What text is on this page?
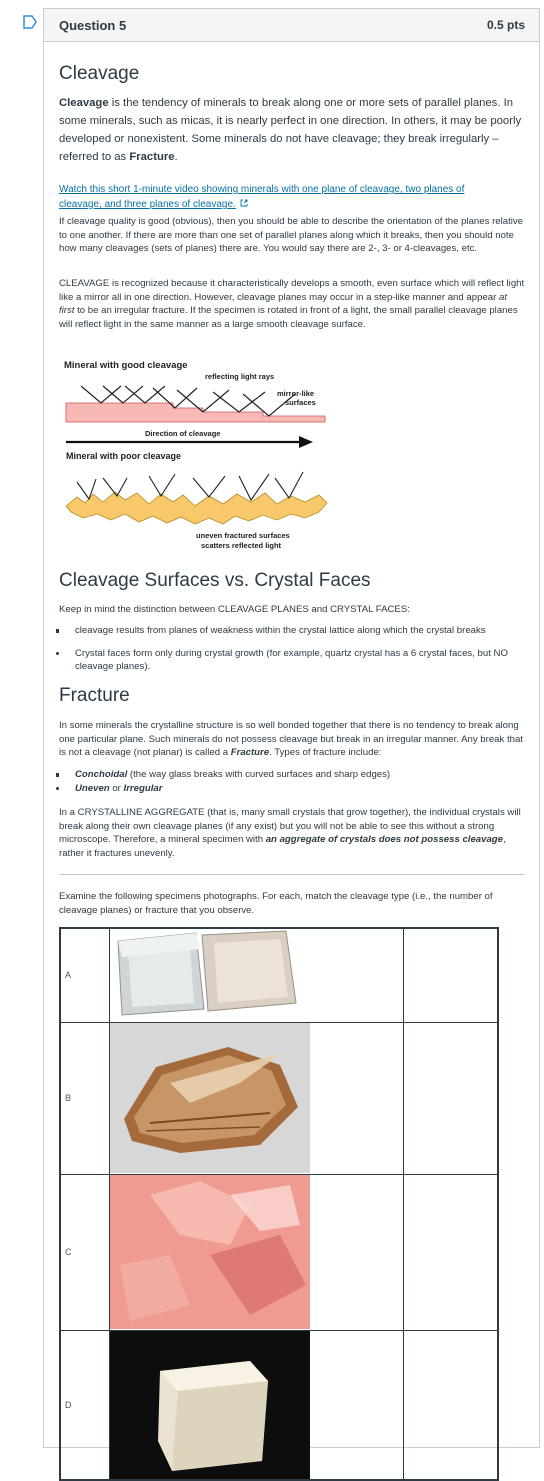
Question 5	0.5 pts
Cleavage

Cleavage is the tendency of minerals to break along one or more sets of parallel planes. In some minerals, such as micas, it is nearly perfect in one direction. In others, it may be poorly developed or nonexistent. Some minerals do not have cleavage; they break irregularly – referred to as Fracture.

Watch this short 1-minute video showing minerals with one plane of cleavage, two planes of cleavage, and three planes of cleavage.

If cleavage quality is good (obvious), then you should be able to describe the orientation of the planes relative to one another. If there are more than one set of parallel planes along which it breaks, then you should note how many cleavages (sets of planes) there are. You would say there are 2-, 3- or 4-cleavages, etc.

CLEAVAGE is recognized because it characteristically develops a smooth, even surface which will reflect light like a mirror all in one direction. However, cleavage planes may occur in a step-like manner and appear at first to be an irregular fracture. If the specimen is rotated in front of a light, the small parallel cleavage planes will reflect light in the same manner as a large smooth cleavage surface.

Mineral with good cleavage
reflecting light rays
mirror-like
surfaces
Direction of cleavage
Mineral with poor cleavage
uneven fractured surfaces
scatters reflected light
Cleavage Surfaces vs. Crystal Faces

Keep in mind the distinction between CLEAVAGE PLANES and CRYSTAL FACES:

cleavage results from planes of weakness within the crystal lattice along which the crystal breaks
Crystal faces form only during crystal growth (for example, quartz crystal has a 6 crystal faces, but NO cleavage planes).
Fracture

In some minerals the crystalline structure is so well bonded together that there is no tendency to break along one particular plane. Such minerals do not possess cleavage but break in an irregular manner. Any break that is not a cleavage (not planar) is called a Fracture. Types of fracture include:

Conchoidal (the way glass breaks with curved surfaces and sharp edges)
Uneven or Irregular

In a CRYSTALLINE AGGREGATE (that is, many small crystals that grow together), the individual crystals will break along their own cleavage planes (if any exist) but you will not be able to see this without a strong microscope. Therefore, a mineral specimen with an aggregate of crystals does not possess cleavage, rather it fractures unevenly.

Examine the following specimens photographs. For each, match the cleavage type (i.e., the number of cleavage planes) or fracture that you observe.

A	

B	

C	

D	
